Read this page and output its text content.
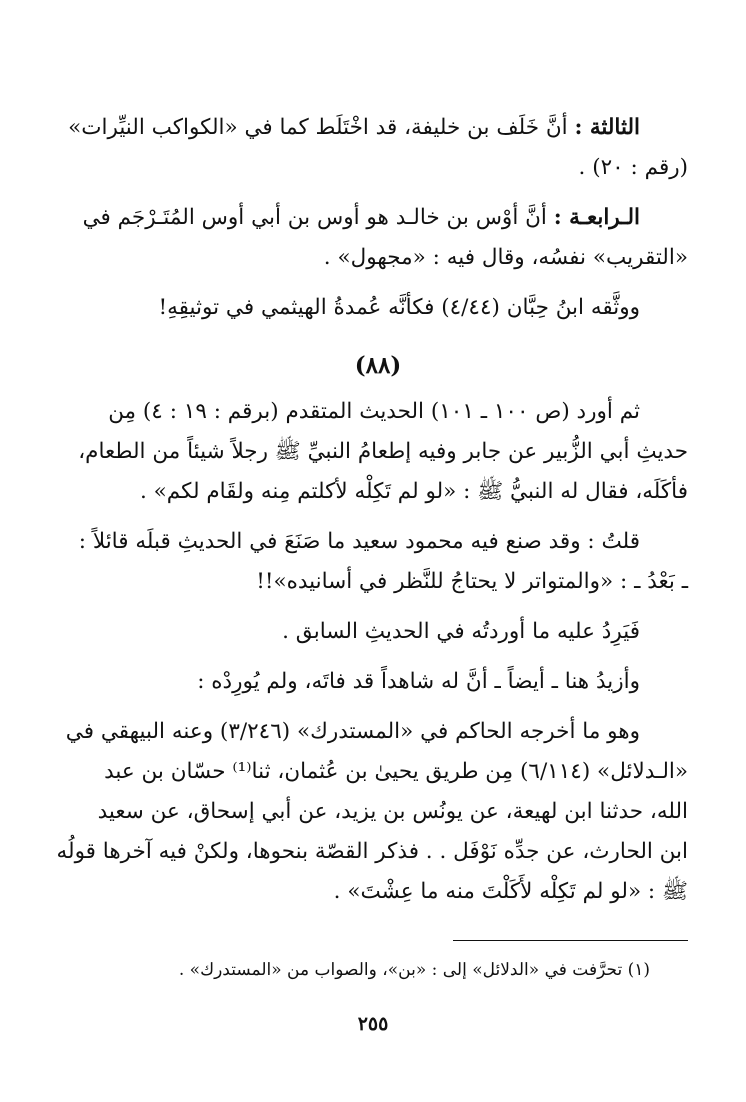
الثالثة : أنَّ خَلَف بن خليفة، قد اخْتَلَط كما في «الكواكب النيِّرات»
(رقم : ٢٠) .
الـرابعـة : أنَّ أوْس بن خالـد هو أوس بن أبي أوس المُتَـرْجَم في
«التقريب» نفسُه، وقال فيه : «مجهول» .
ووثَّقه ابنُ حِبَّان (٤/٤٤) فكأنَّه عُمدةُ الهيثمي في توثيقِهِ!
(٨٨)
ثم أورد (ص ١٠٠ ـ ١٠١) الحديث المتقدم (برقم : ١٩ : ٤) مِن
حديثِ أبي الزُّبير عن جابر وفيه إطعامُ النبيِّ ﷺ رجلاً شيئاً من الطعام،
فأكَلَه، فقال له النبيُّ ﷺ : «لو لم تَكِلْه لأكلتم مِنه ولقَام لكم» .
قلتُ : وقد صنع فيه محمود سعيد ما صَنَعَ في الحديثِ قبلَه قائلاً :
ـ بَعْدُ ـ : «والمتواتر لا يحتاجُ للنَّظر في أسانيده»!!
فَيَرِدُ عليه ما أوردتُه في الحديثِ السابق .
وأزيدُ هنا ـ أيضاً ـ أنَّ له شاهداً قد فاتَه، ولم يُورِدْه :
وهو ما أخرجه الحاكم في «المستدرك» (٣/٢٤٦) وعنه البيهقي في
«الـدلائل» (٦/١١٤) مِن طريق يحيىٰ بن عُثمان، ثنا⁽¹⁾ حسّان بن عبد
الله، حدثنا ابن لهيعة، عن يونُس بن يزيد، عن أبي إسحاق، عن سعيد
ابن الحارث، عن جدِّه نَوْفَل . . فذكر القصّة بنحوها، ولكنْ فيه آخرها قولُه
ﷺ : «لو لم تَكِلْه لأَكَلْتَ منه ما عِشْتَ» .
(١) تحرَّفت في «الدلائل» إلى : «بن»، والصواب من «المستدرك» .
٢٥٥
